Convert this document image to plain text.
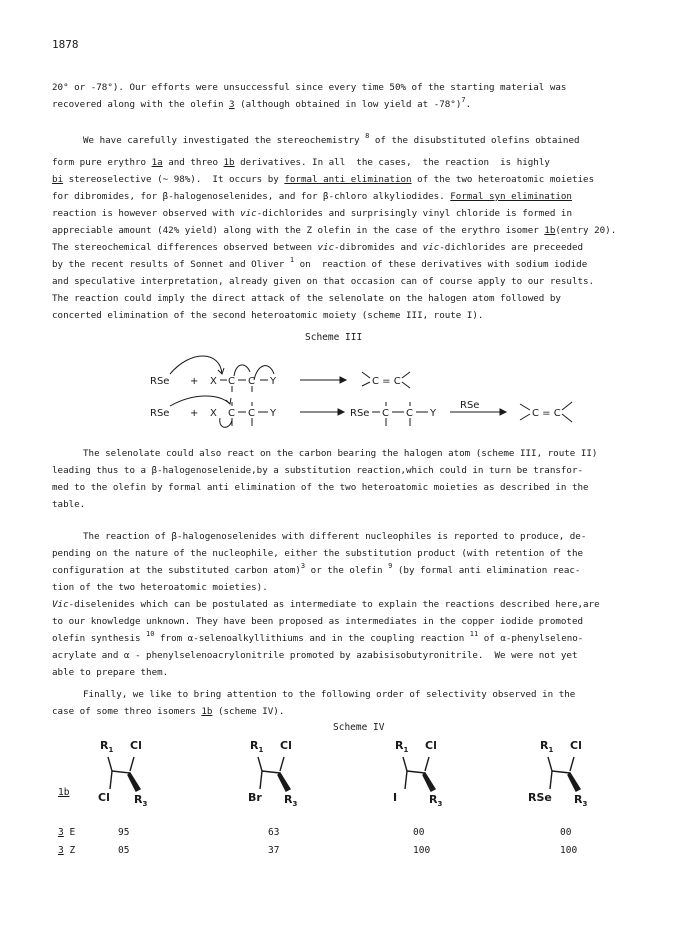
1878
20° or -78°). Our efforts were unsuccessful since every time 50% of the starting material was
recovered along with the olefin 3 (although obtained in low yield at -78°)$^7$.
We have carefully investigated the stereochemistry $^8$ of the disubstituted olefins obtained
form pure erythro 1a and threo 1b derivatives. In all  the cases,  the reaction  is highly
bi stereoselective (~ 98%).  It occurs by formal anti elimination of the two heteroatomic moieties
for dibromides, for β-halogenoselenides, and for β-chloro alkyliodides. Formal syn elimination
reaction is however observed with vic-dichlorides and surprisingly vinyl chloride is formed in
appreciable amount (42% yield) along with the Z olefin in the case of the erythro isomer 1b(entry 20).
The stereochemical differences observed between vic-dibromides and vic-dichlorides are preceeded
by the recent results of Sonnet and Oliver $^1$ on  reaction of these derivatives with sodium iodide
and speculative interpretation, already given on that occasion can of course apply to our results.
The reaction could imply the direct attack of the selenolate on the halogen atom followed by
concerted elimination of the second heteroatomic moiety (scheme III, route I).
Scheme III
RSe + X C C Y
RSe + X C C Y	RSe C C Y
RSe
C = C
C = C
The selenolate could also react on the carbon bearing the halogen atom (scheme III, route II)
leading thus to a β-halogenoselenide,by a substitution reaction,which could in turn be transfor-
med to the olefin by formal anti elimination of the two heteroatomic moieties as described in the
table.
The reaction of β-halogenoselenides with different nucleophiles is reported to produce, de-
pending on the nature of the nucleophile, either the substitution product (with retention of the
configuration at the substituted carbon atom)$^3$ or the olefin $^9$ (by formal anti elimination reac-
tion of the two heteroatomic moieties).
Vic-diselenides which can be postulated as intermediate to explain the reactions described here,are
to our knowledge unknown. They have been proposed as intermediates in the copper iodide promoted
olefin synthesis $^{10}$ from α-selenoalkyllithiums and in the coupling reaction $^{11}$ of α-phenylseleno-
acrylate and α - phenylselenoacrylonitrile promoted by azabisisobutyronitrile.  We were not yet
able to prepare them.
Finally, we like to bring attention to the following order of selectivity observed in the
case of some threo isomers 1b (scheme IV).
Scheme IV
1b
$R_1$ Cl
Cl $R_3$
$R_1$ Cl
Br $R_3$
$R_1$ Cl
I	$R_3$
$R_1$ Cl
RSe $R_3$
3 E	95	63	00	00
3 Z	05	37	100	100
